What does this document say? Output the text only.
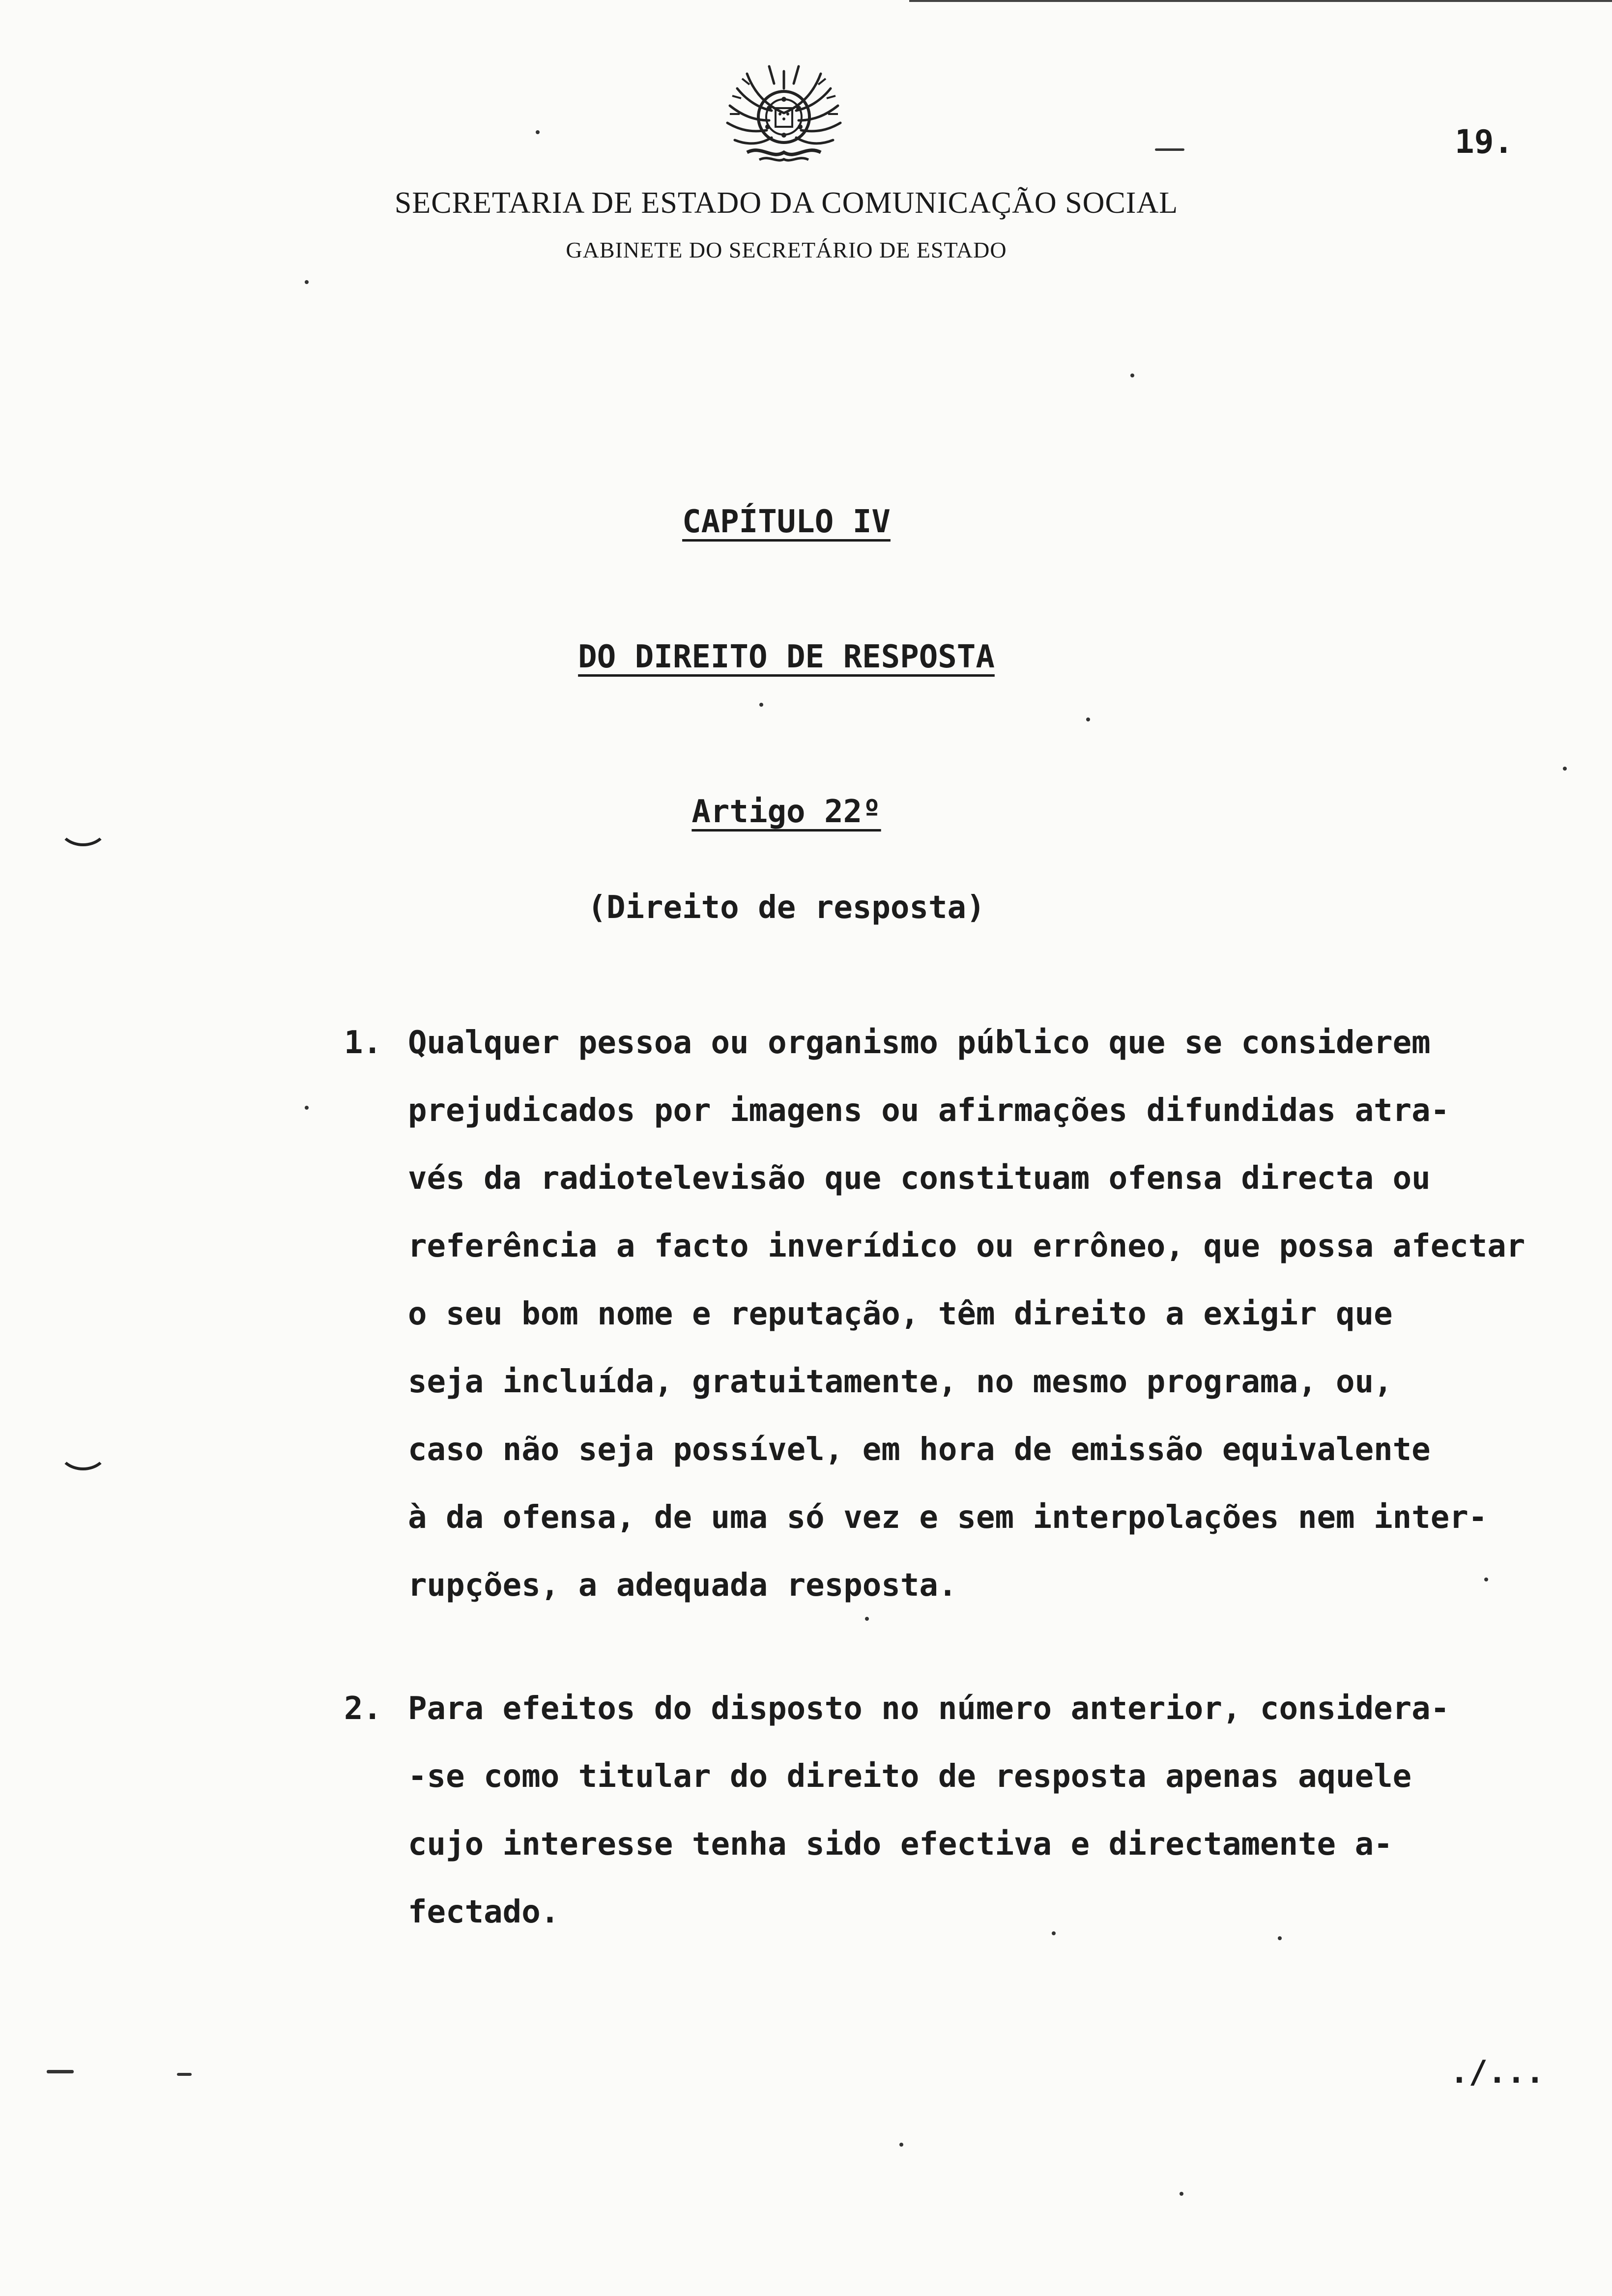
19.
SECRETARIA DE ESTADO DA COMUNICAÇÃO SOCIAL
GABINETE DO SECRETÁRIO DE ESTADO
CAPÍTULO IV
DO DIREITO DE RESPOSTA
Artigo 22º
(Direito de resposta)
1. Qualquer pessoa ou organismo público que se considerem
prejudicados por imagens ou afirmações difundidas atra-
vés da radiotelevisão que constituam ofensa directa ou
referência a facto inverídico ou errôneo, que possa afectar
o seu bom nome e reputação, têm direito a exigir que
seja incluída, gratuitamente, no mesmo programa, ou,
caso não seja possível, em hora de emissão equivalente
à da ofensa, de uma só vez e sem interpolações nem inter-
rupções, a adequada resposta.
2. Para efeitos do disposto no número anterior, considera-
-se como titular do direito de resposta apenas aquele
cujo interesse tenha sido efectiva e directamente a-
fectado.
./...
